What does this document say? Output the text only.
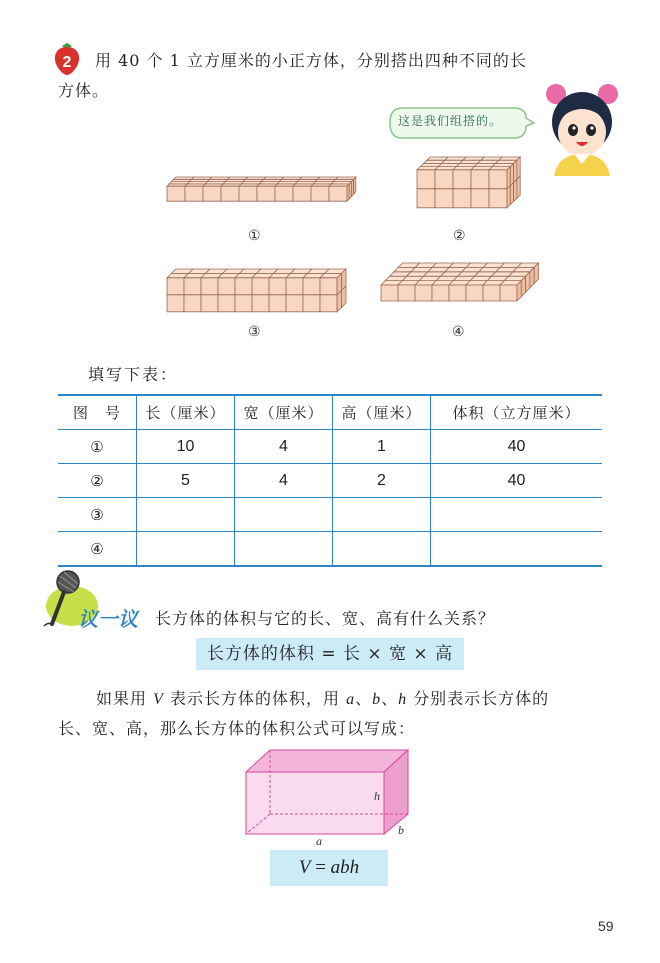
2 用 40 个 1 立方厘米的小正方体，分别搭出四种不同的长
方体。
这是我们组搭的。
①	②
③	④
填写下表：
图　号	长（厘米）	宽（厘米）	高（厘米）	体积（立方厘米）
①	10	4	1	40
②	5	4	2	40
③				
④				
议一议 长方体的体积与它的长、宽、高有什么关系？
长方体的体积 = 长 × 宽 × 高
如果用 V 表示长方体的体积，用 a、b、h 分别表示长方体的
长、宽、高，那么长方体的体积公式可以写成：
a
b
h
V = abh
59
